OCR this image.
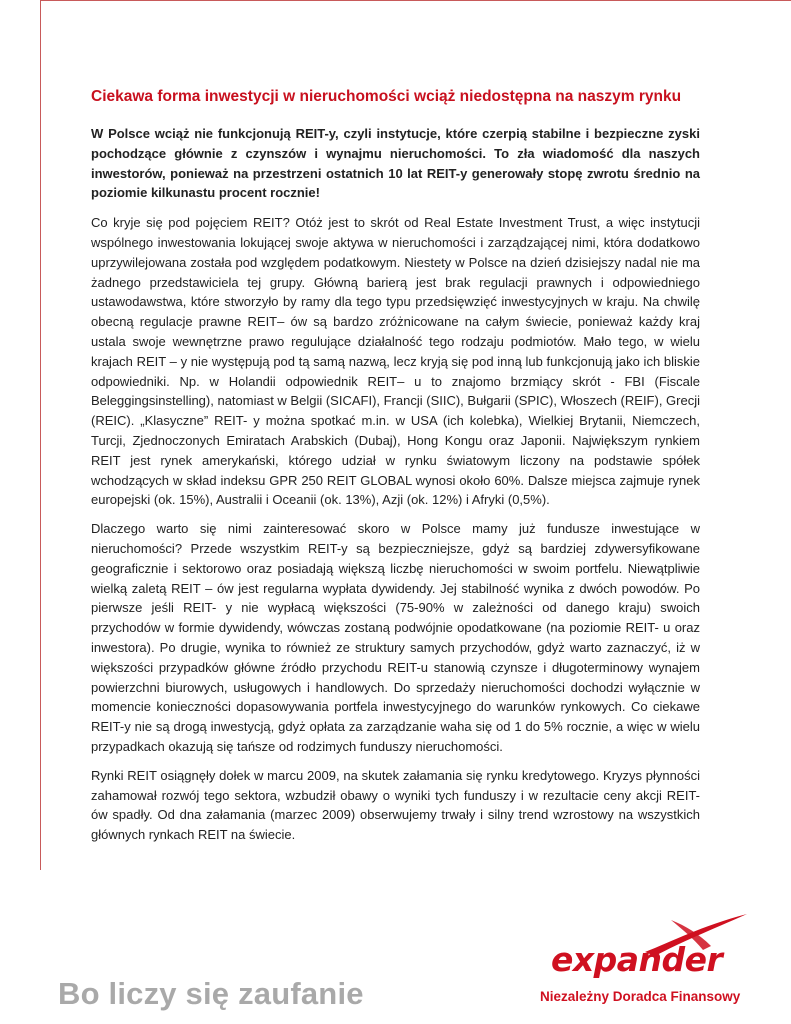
Ciekawa forma inwestycji w nieruchomości wciąż niedostępna na naszym rynku

W Polsce wciąż nie funkcjonują REIT-y, czyli instytucje, które czerpią stabilne i bezpieczne zyski pochodzące głównie z czynszów i wynajmu nieruchomości. To zła wiadomość dla naszych inwestorów, ponieważ na przestrzeni ostatnich 10 lat REIT-y generowały stopę zwrotu średnio na poziomie kilkunastu procent rocznie!

Co kryje się pod pojęciem REIT? Otóż jest to skrót od Real Estate Investment Trust, a więc instytucji wspólnego inwestowania lokującej swoje aktywa w nieruchomości i zarządzającej nimi, która dodatkowo uprzywilejowana została pod względem podatkowym. Niestety w Polsce na dzień dzisiejszy nadal nie ma żadnego przedstawiciela tej grupy. Główną barierą jest brak regulacji prawnych i odpowiedniego ustawodawstwa, które stworzyło by ramy dla tego typu przedsięwzięć inwestycyjnych w kraju. Na chwilę obecną regulacje prawne REIT– ów są bardzo zróżnicowane na całym świecie, ponieważ każdy kraj ustala swoje wewnętrzne prawo regulujące działalność tego rodzaju podmiotów. Mało tego, w wielu krajach REIT – y nie występują pod tą samą nazwą, lecz kryją się pod inną lub funkcjonują jako ich bliskie odpowiedniki. Np. w Holandii odpowiednik REIT– u to znajomo brzmiący skrót - FBI (Fiscale Beleggingsinstelling), natomiast w Belgii (SICAFI), Francji (SIIC), Bułgarii (SPIC), Włoszech (REIF), Grecji (REIC). „Klasyczne” REIT- y można spotkać m.in. w USA (ich kolebka), Wielkiej Brytanii, Niemczech, Turcji, Zjednoczonych Emiratach Arabskich (Dubaj), Hong Kongu oraz Japonii. Największym rynkiem REIT jest rynek amerykański, którego udział w rynku światowym liczony na podstawie spółek wchodzących w skład indeksu GPR 250 REIT GLOBAL wynosi około 60%. Dalsze miejsca zajmuje rynek europejski (ok. 15%), Australii i Oceanii (ok. 13%), Azji (ok. 12%) i Afryki (0,5%).

Dlaczego warto się nimi zainteresować skoro w Polsce mamy już fundusze inwestujące w nieruchomości? Przede wszystkim REIT-y są bezpieczniejsze, gdyż są bardziej zdywersyfikowane geograficznie i sektorowo oraz posiadają większą liczbę nieruchomości w swoim portfelu. Niewątpliwie wielką zaletą REIT – ów jest regularna wypłata dywidendy. Jej stabilność wynika z dwóch powodów. Po pierwsze jeśli REIT- y nie wypłacą większości (75-90% w zależności od danego kraju) swoich przychodów w formie dywidendy, wówczas zostaną podwójnie opodatkowane (na poziomie REIT- u oraz inwestora). Po drugie, wynika to również ze struktury samych przychodów, gdyż warto zaznaczyć, iż w większości przypadków główne źródło przychodu REIT-u stanowią czynsze i długoterminowy wynajem powierzchni biurowych, usługowych i handlowych. Do sprzedaży nieruchomości dochodzi wyłącznie w momencie konieczności dopasowywania portfela inwestycyjnego do warunków rynkowych. Co ciekawe REIT-y nie są drogą inwestycją, gdyż opłata za zarządzanie waha się od 1 do 5% rocznie, a więc w wielu przypadkach okazują się tańsze od rodzimych funduszy nieruchomości.

Rynki REIT osiągnęły dołek w marcu 2009, na skutek załamania się rynku kredytowego. Kryzys płynności zahamował rozwój tego sektora, wzbudził obawy o wyniki tych funduszy i w rezultacie ceny akcji REIT- ów spadły. Od dna załamania (marzec 2009) obserwujemy trwały i silny trend wzrostowy na wszystkich głównych rynkach REIT na świecie.

Bo liczy się zaufanie
expander
Niezależny Doradca Finansowy
